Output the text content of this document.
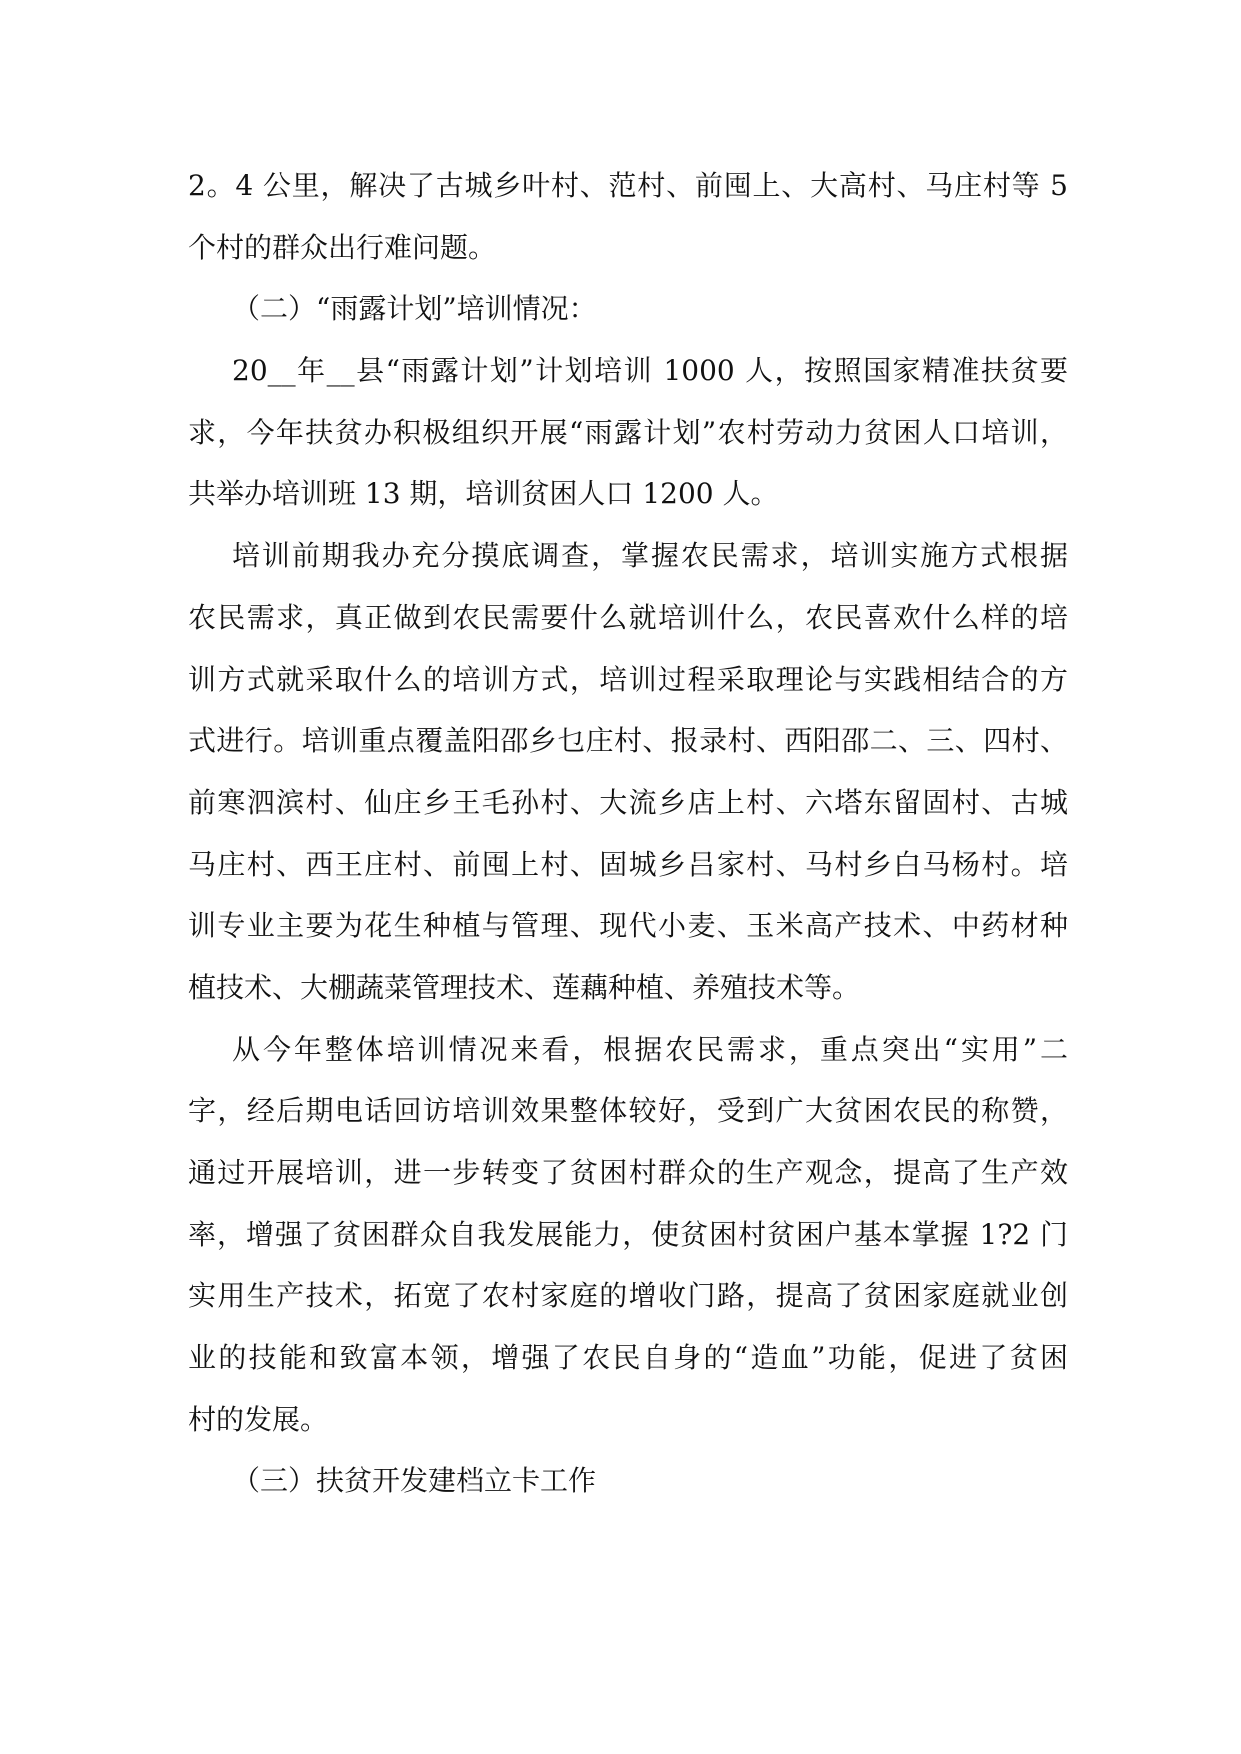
2。4 公里，解决了古城乡叶村、范村、前囤上、大高村、马庄村等 5
个村的群众出行难问题。
（二）“雨露计划”培训情况：
20__年__县“雨露计划”计划培训 1000 人，按照国家精准扶贫要
求，今年扶贫办积极组织开展“雨露计划”农村劳动力贫困人口培训，
共举办培训班 13 期，培训贫困人口 1200 人。
培训前期我办充分摸底调查，掌握农民需求，培训实施方式根据
农民需求，真正做到农民需要什么就培训什么，农民喜欢什么样的培
训方式就采取什么的培训方式，培训过程采取理论与实践相结合的方
式进行。培训重点覆盖阳邵乡乜庄村、报录村、西阳邵二、三、四村、
前寒泗滨村、仙庄乡王毛孙村、大流乡店上村、六塔东留固村、古城
马庄村、西王庄村、前囤上村、固城乡吕家村、马村乡白马杨村。培
训专业主要为花生种植与管理、现代小麦、玉米高产技术、中药材种
植技术、大棚蔬菜管理技术、莲藕种植、养殖技术等。
从今年整体培训情况来看，根据农民需求，重点突出“实用”二
字，经后期电话回访培训效果整体较好，受到广大贫困农民的称赞，
通过开展培训，进一步转变了贫困村群众的生产观念，提高了生产效
率，增强了贫困群众自我发展能力，使贫困村贫困户基本掌握 1?2 门
实用生产技术，拓宽了农村家庭的增收门路，提高了贫困家庭就业创
业的技能和致富本领，增强了农民自身的“造血”功能，促进了贫困
村的发展。
（三）扶贫开发建档立卡工作
